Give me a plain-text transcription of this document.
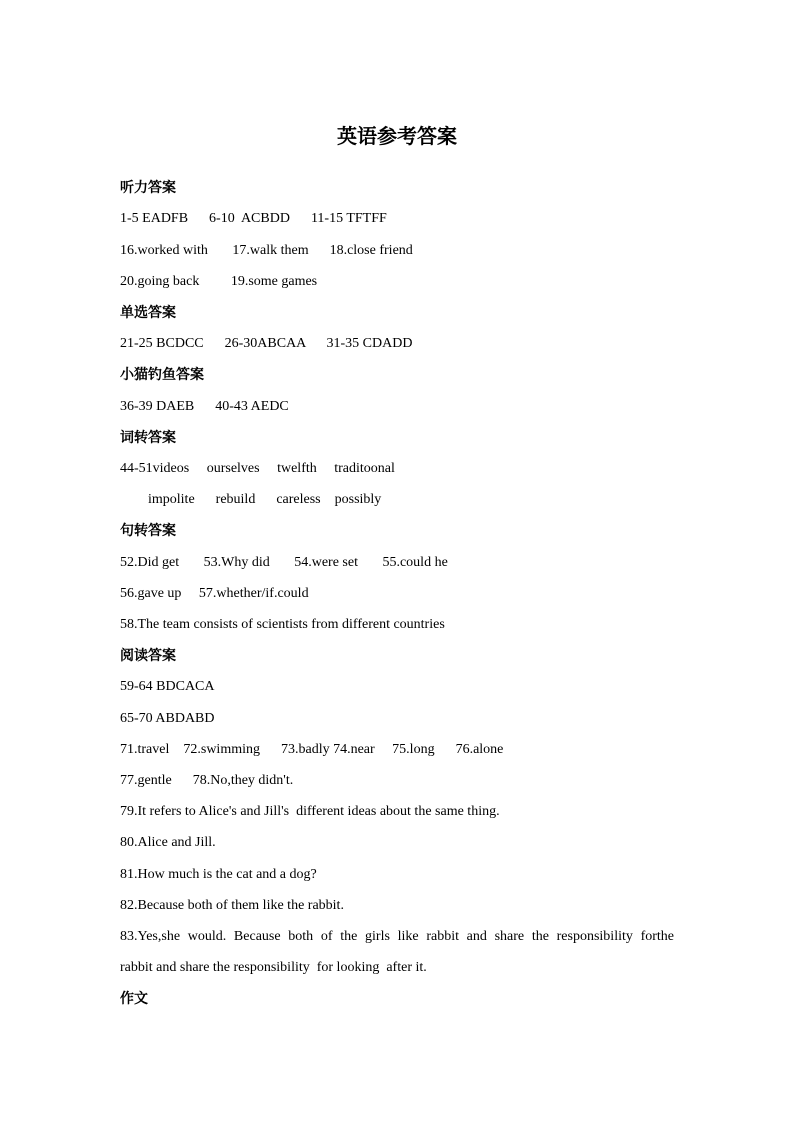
英语参考答案
听力答案
1-5 EADFB      6-10  ACBDD      11-15 TFTFF
16.worked with       17.walk them      18.close friend
20.going back         19.some games
单选答案
21-25 BCDCC      26-30ABCAA      31-35 CDADD
小猫钓鱼答案
36-39 DAEB      40-43 AEDC
词转答案
44-51videos     ourselves     twelfth     traditoonal
impolite      rebuild      careless    possibly
句转答案
52.Did get       53.Why did       54.were set       55.could he
56.gave up     57.whether/if.could
58.The team consists of scientists from different countries
阅读答案
59-64 BDCACA
65-70 ABDABD
71.travel    72.swimming      73.badly 74.near     75.long      76.alone
77.gentle      78.No,they didn't.
79.It refers to Alice's and Jill's  different ideas about the same thing.
80.Alice and Jill.
81.How much is the cat and a dog?
82.Because both of them like the rabbit.
83.Yes,she would. Because both of the girls like rabbit and share the responsibility forthe
rabbit and share the responsibility  for looking  after it.
作文
